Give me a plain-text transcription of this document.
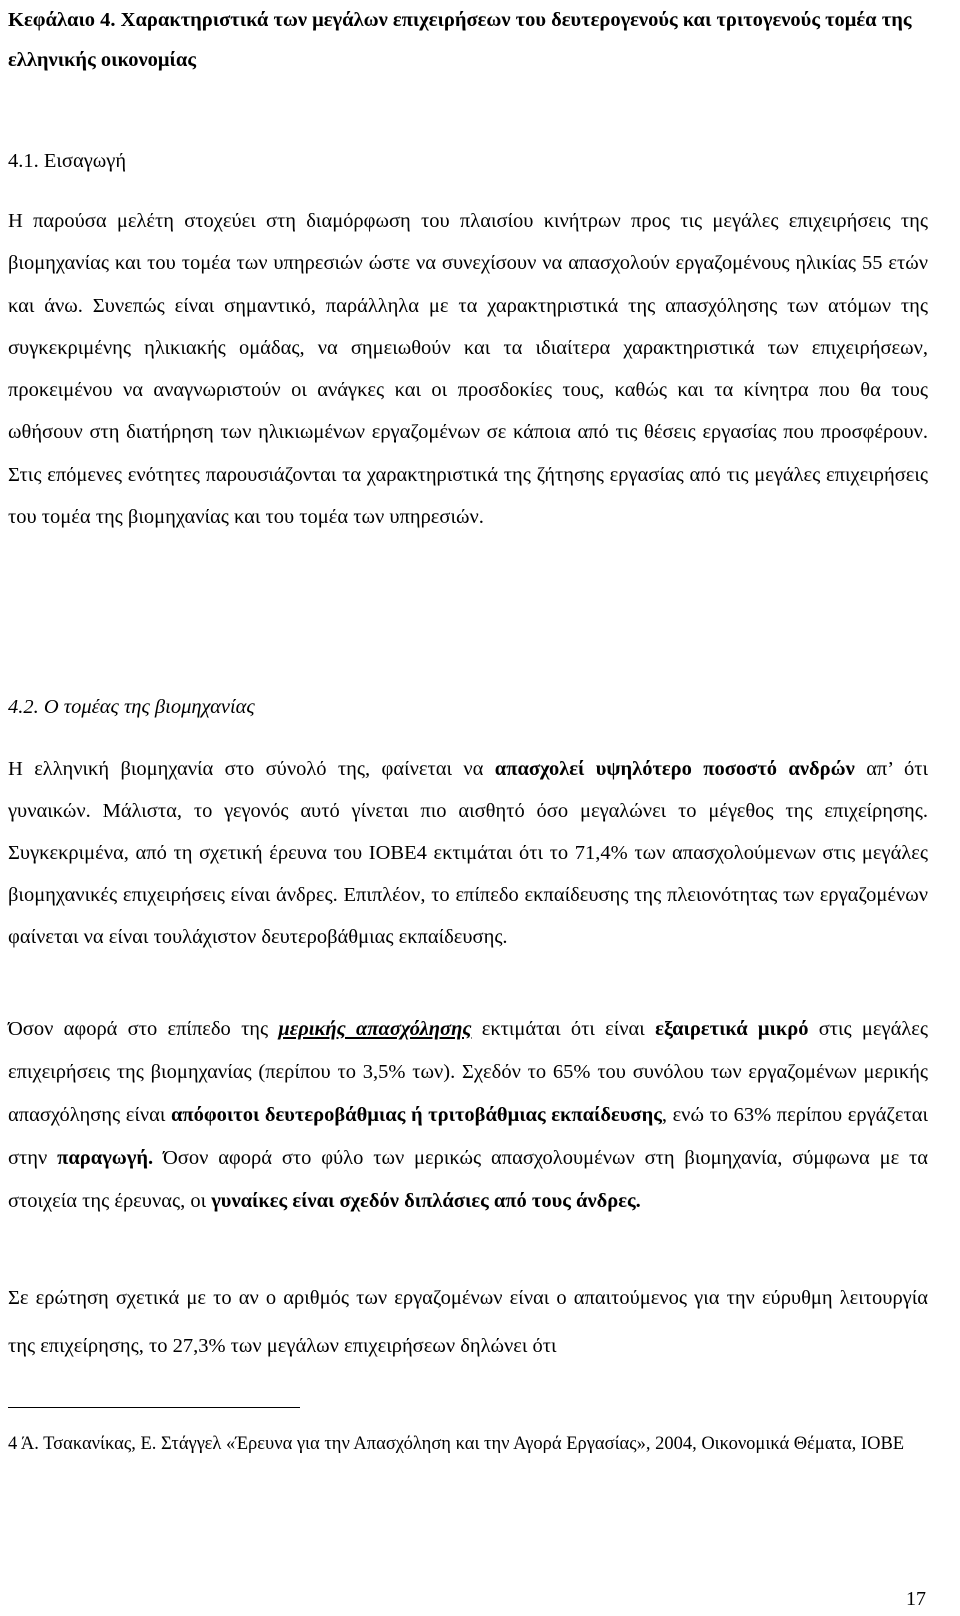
Κεφάλαιο 4. Χαρακτηριστικά των μεγάλων επιχειρήσεων του δευτερογενούς και τριτογενούς τομέα της ελληνικής οικονομίας
4.1. Εισαγωγή

Η παρούσα μελέτη στοχεύει στη διαμόρφωση του πλαισίου κινήτρων προς τις μεγάλες επιχειρήσεις της βιομηχανίας και του τομέα των υπηρεσιών ώστε να συνεχίσουν να απασχολούν εργαζομένους ηλικίας 55 ετών και άνω. Συνεπώς είναι σημαντικό, παράλληλα με τα χαρακτηριστικά της απασχόλησης των ατόμων της συγκεκριμένης ηλικιακής ομάδας, να σημειωθούν και τα ιδιαίτερα χαρακτηριστικά των επιχειρήσεων, προκειμένου να αναγνωριστούν οι ανάγκες και οι προσδοκίες τους, καθώς και τα κίνητρα που θα τους ωθήσουν στη διατήρηση των ηλικιωμένων εργαζομένων σε κάποια από τις θέσεις εργασίας που προσφέρουν. Στις επόμενες ενότητες παρουσιάζονται τα χαρακτηριστικά της ζήτησης εργασίας από τις μεγάλες επιχειρήσεις του τομέα της βιομηχανίας και του τομέα των υπηρεσιών.

4.2. Ο τομέας της βιομηχανίας

Η ελληνική βιομηχανία στο σύνολό της, φαίνεται να απασχολεί υψηλότερο ποσοστό ανδρών απ’ ότι γυναικών. Μάλιστα, το γεγονός αυτό γίνεται πιο αισθητό όσο μεγαλώνει το μέγεθος της επιχείρησης. Συγκεκριμένα, από τη σχετική έρευνα του ΙΟΒΕ4 εκτιμάται ότι το 71,4% των απασχολούμενων στις μεγάλες βιομηχανικές επιχειρήσεις είναι άνδρες. Επιπλέον, το επίπεδο εκπαίδευσης της πλειονότητας των εργαζομένων φαίνεται να είναι τουλάχιστον δευτεροβάθμιας εκπαίδευσης.

Όσον αφορά στο επίπεδο της μερικής απασχόλησης εκτιμάται ότι είναι εξαιρετικά μικρό στις μεγάλες επιχειρήσεις της βιομηχανίας (περίπου το 3,5% των). Σχεδόν το 65% του συνόλου των εργαζομένων μερικής απασχόλησης είναι απόφοιτοι δευτεροβάθμιας ή τριτοβάθμιας εκπαίδευσης, ενώ το 63% περίπου εργάζεται στην παραγωγή. Όσον αφορά στο φύλο των μερικώς απασχολουμένων στη βιομηχανία, σύμφωνα με τα στοιχεία της έρευνας, οι γυναίκες είναι σχεδόν διπλάσιες από τους άνδρες.

Σε ερώτηση σχετικά με το αν ο αριθμός των εργαζομένων είναι ο απαιτούμενος για την εύρυθμη λειτουργία της επιχείρησης, το 27,3% των μεγάλων επιχειρήσεων δηλώνει ότι

4 Ά. Τσακανίκας, Ε. Στάγγελ «Έρευνα για την Απασχόληση και την Αγορά Εργασίας», 2004, Οικονομικά Θέματα, ΙΟΒΕ
17
